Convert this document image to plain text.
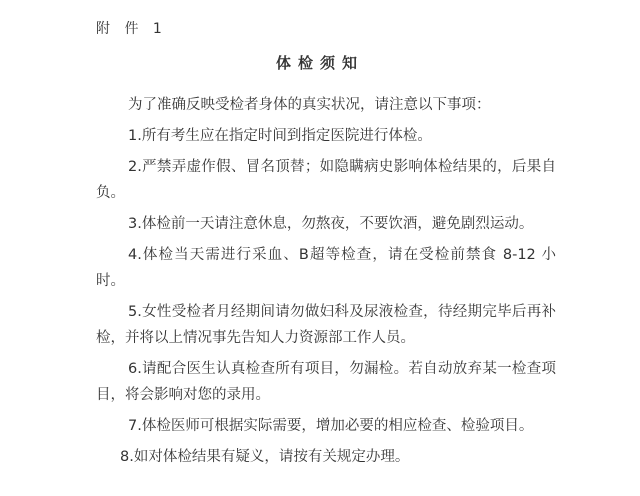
附 件 1
体检须知

为了准确反映受检者身体的真实状况，请注意以下事项：

1.所有考生应在指定时间到指定医院进行体检。

2.严禁弄虚作假、冒名顶替；如隐瞒病史影响体检结果的，后果自负。

3.体检前一天请注意休息，勿熬夜，不要饮酒，避免剧烈运动。

4.体检当天需进行采血、B超等检查，请在受检前禁食 8-12 小时。

5.女性受检者月经期间请勿做妇科及尿液检查，待经期完毕后再补检，并将以上情况事先告知人力资源部工作人员。

6.请配合医生认真检查所有项目，勿漏检。若自动放弃某一检查项目，将会影响对您的录用。

7.体检医师可根据实际需要，增加必要的相应检查、检验项目。

8.如对体检结果有疑义，请按有关规定办理。
